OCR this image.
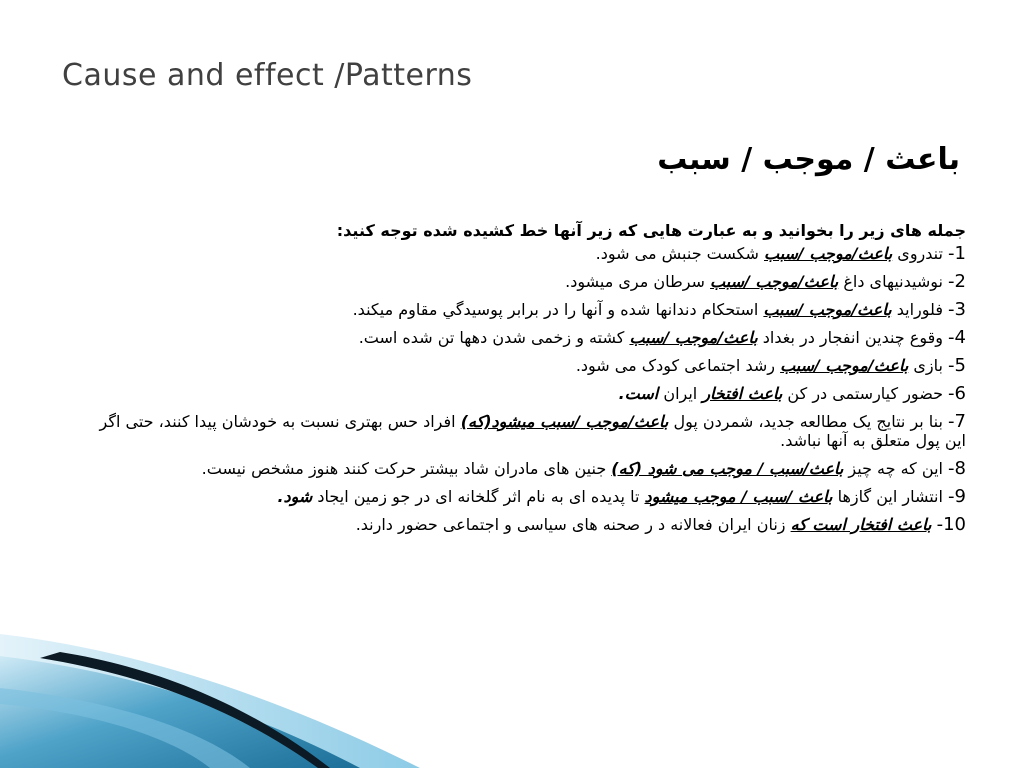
Cause and effect /Patterns
باعث / موجب / سبب
جمله های زیر را بخوانید و به عبارت هایی که زیر آنها خط کشیده شده توجه کنید:
1- تندروی باعث/موجب /سبب شکست جنبش می شود.
2- نوشیدنیهای داغ باعث/موجب /سبب سرطان مری میشود.
3- فلوراید باعث/موجب /سبب استحکام دندانها شده و آنها را در برابر پوسیدگي مقاوم میکند.
4- وقوع چندین انفجار در بغداد باعث/موجب /سبب کشته و زخمی شدن دهها تن شده است.
5- بازی باعث/موجب /سبب رشد اجتماعی کودک می شود.
6- حضور کیارستمی در کن باعث افتخار ایران است.
7- بنا بر نتایج یک مطالعه جدید، شمردن پول باعث/موجب /سبب میشود(که) افراد حس بهتری نسبت به خودشان پیدا کنند، حتی اگر این پول متعلق به آنها نباشد.
8- این که چه چیز باعث/سبب / موجب می شود (که) جنین های مادران شاد بیشتر حرکت کنند هنوز مشخص نیست.
9- انتشار این گازها باعث /سبب / موجب میشود تا پدیده ای به نام اثر گلخانه ای در جو زمین ایجاد شود.
10- باعث افتخار است که زنان ایران فعالانه د ر صحنه های سیاسی و اجتماعی حضور دارند.
